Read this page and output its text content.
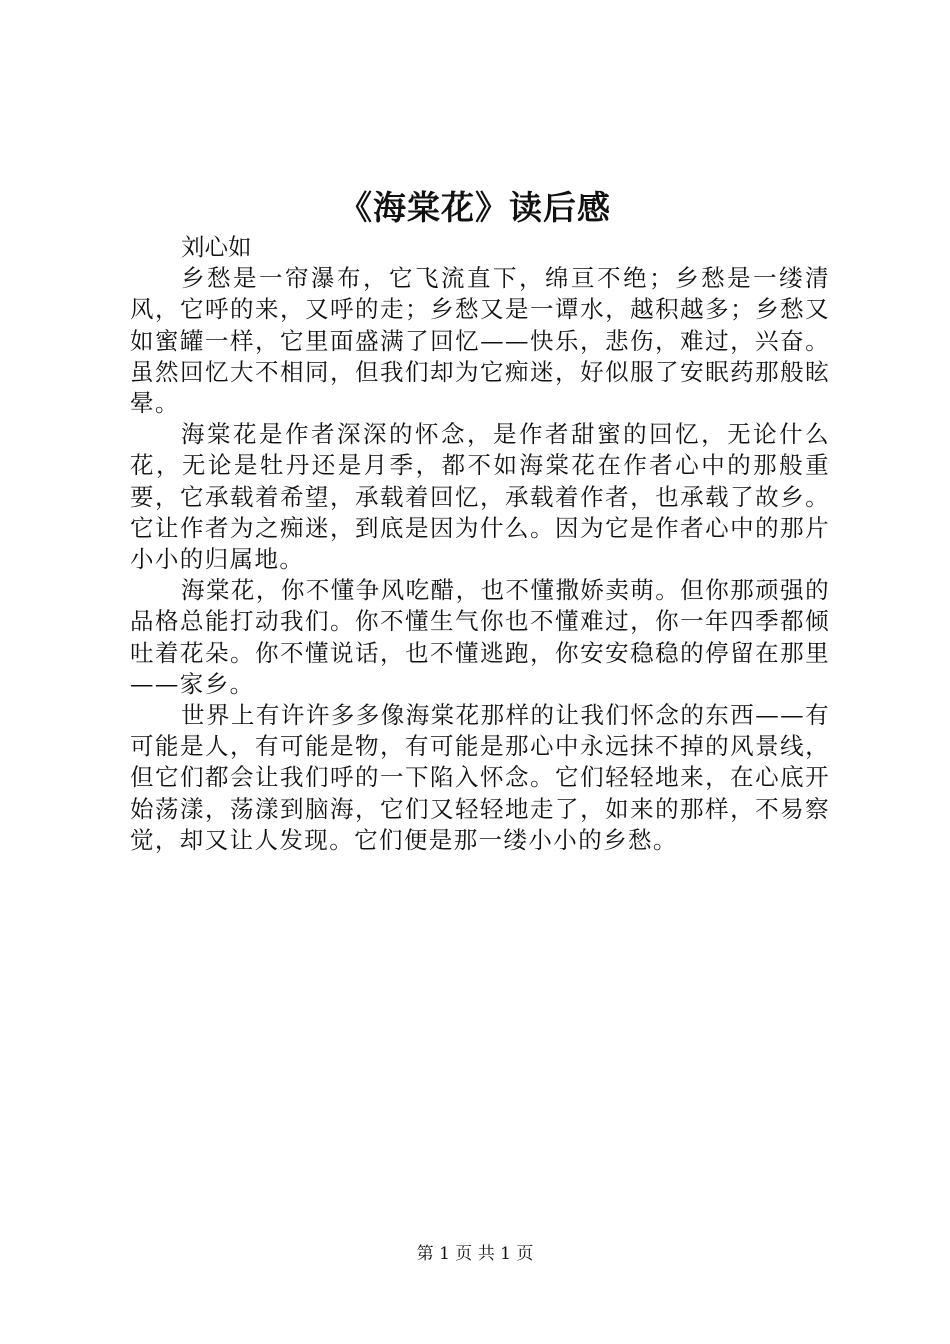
《海棠花》读后感

刘心如

乡愁是一帘瀑布，它飞流直下，绵亘不绝；乡愁是一缕清风，它呼的来，又呼的走；乡愁又是一谭水，越积越多；乡愁又如蜜罐一样，它里面盛满了回忆——快乐，悲伤，难过，兴奋。虽然回忆大不相同，但我们却为它痴迷，好似服了安眠药那般眩晕。

海棠花是作者深深的怀念，是作者甜蜜的回忆，无论什么花，无论是牡丹还是月季，都不如海棠花在作者心中的那般重要，它承载着希望，承载着回忆，承载着作者，也承载了故乡。它让作者为之痴迷，到底是因为什么。因为它是作者心中的那片小小的归属地。

海棠花，你不懂争风吃醋，也不懂撒娇卖萌。但你那顽强的品格总能打动我们。你不懂生气你也不懂难过，你一年四季都倾吐着花朵。你不懂说话，也不懂逃跑，你安安稳稳的停留在那里——家乡。

世界上有许许多多像海棠花那样的让我们怀念的东西——有可能是人，有可能是物，有可能是那心中永远抹不掉的风景线，但它们都会让我们呼的一下陷入怀念。它们轻轻地来，在心底开始荡漾，荡漾到脑海，它们又轻轻地走了，如来的那样，不易察觉，却又让人发现。它们便是那一缕小小的乡愁。

第 1 页 共 1 页
